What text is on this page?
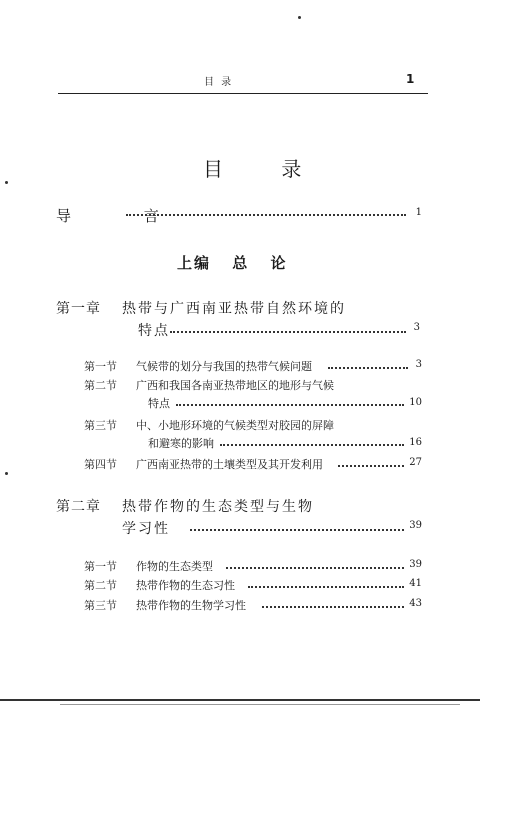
目 录	1
目 录
导 言	1
上编 总 论
第一章 热带与广西南亚热带自然环境的
特点	3
第一节 气候带的划分与我国的热带气候问题	3
第二节 广西和我国各南亚热带地区的地形与气候
特点	10
第三节 中、小地形环境的气候类型对胶园的屏障
和避寒的影响	16
第四节 广西南亚热带的土壤类型及其开发利用	27
第二章 热带作物的生态类型与生物
学习性	39
第一节 作物的生态类型	39
第二节 热带作物的生态习性	41
第三节 热带作物的生物学习性	43
